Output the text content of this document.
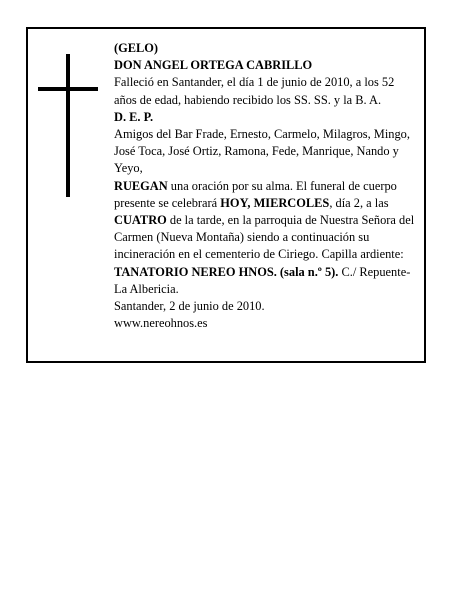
(GELO)

DON ANGEL ORTEGA CABRILLO

Falleció en Santander, el día 1 de junio de 2010, a los 52 años de edad, habiendo recibido los SS. SS. y la B. A.

D. E. P.

Amigos del Bar Frade, Ernesto, Carmelo, Milagros, Mingo, José Toca, José Ortiz, Ramona, Fede, Manrique, Nando y Yeyo,

RUEGAN una oración por su alma. El funeral de cuerpo presente se celebrará HOY, MIERCOLES, día 2, a las CUATRO de la tarde, en la parroquia de Nuestra Señora del Carmen (Nueva Montaña) siendo a continuación su incineración en el cementerio de Ciriego. Capilla ardiente: TANATORIO NEREO HNOS. (sala n.º 5). C./ Repuente-La Albericia.

Santander, 2 de junio de 2010.

www.nereohnos.es
